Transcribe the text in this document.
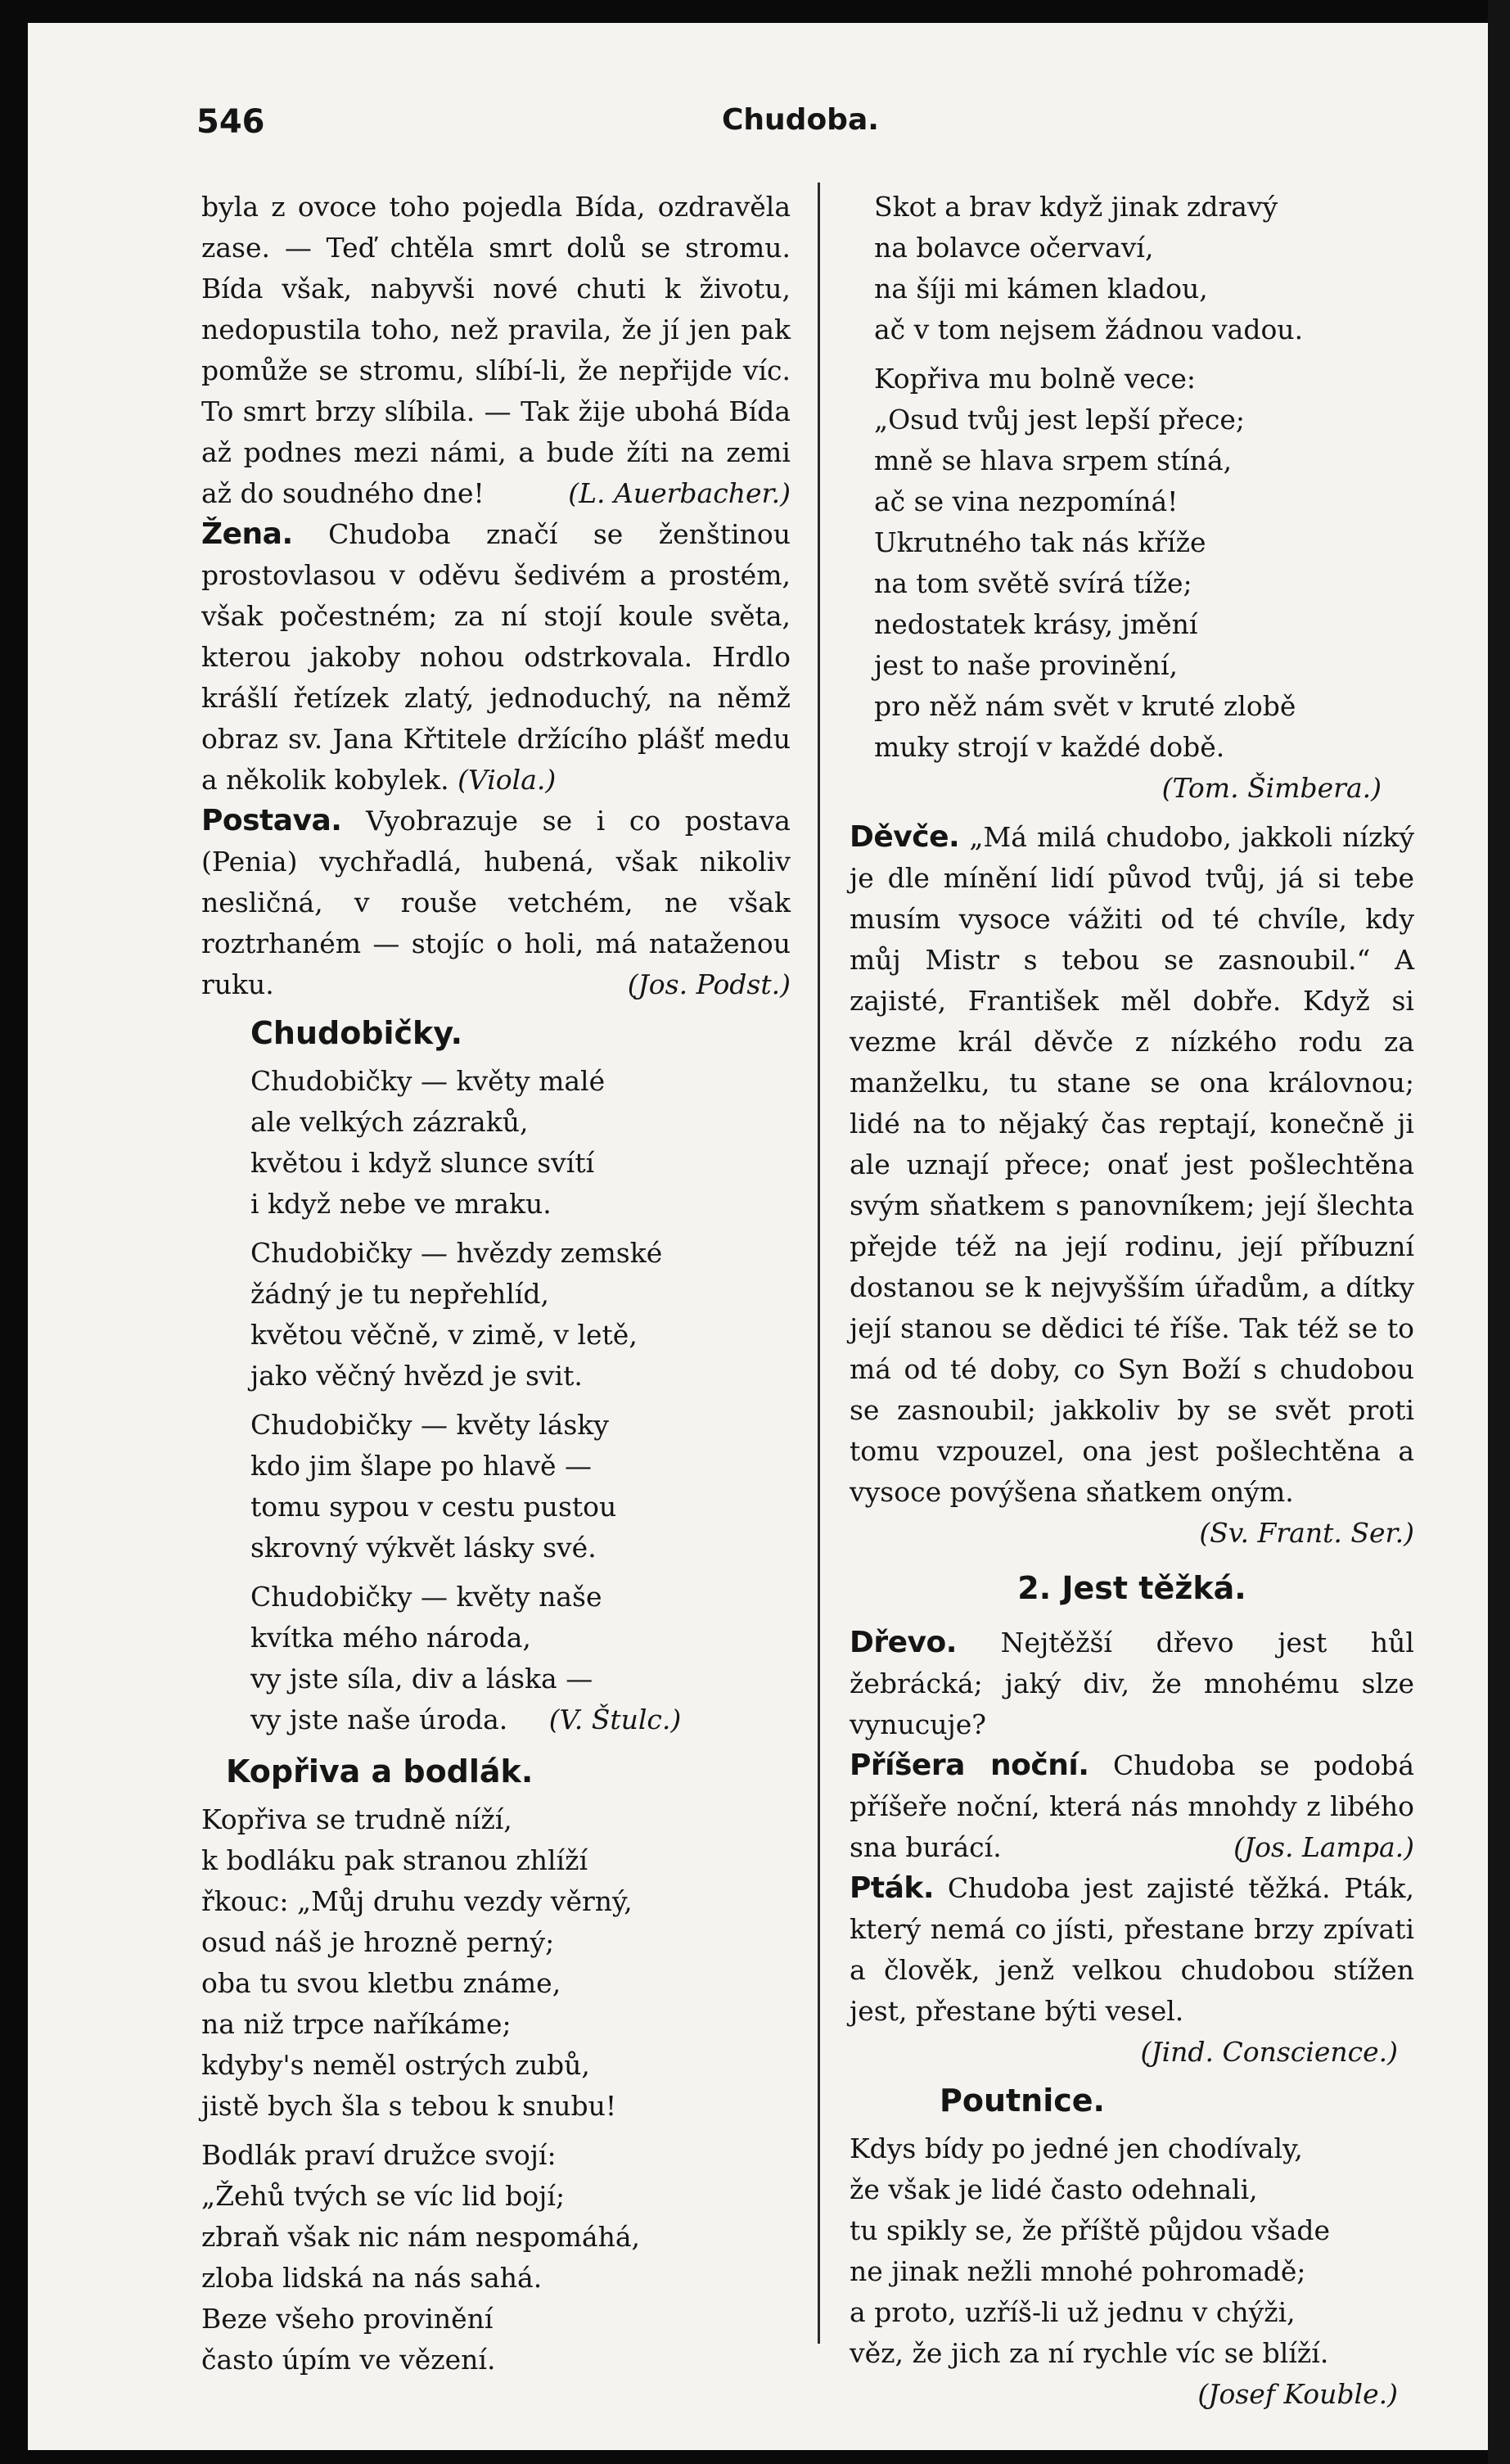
546	Chudoba.

byla z ovoce toho pojedla Bída, ozdravěla zase. — Teď chtěla smrt dolů se stromu. Bída však, nabyvši nové chuti k životu, nedopustila toho, než pravila, že jí jen pak pomůže se stromu, slíbí-li, že nepřijde víc. To smrt brzy slíbila. — Tak žije ubohá Bída až podnes mezi námi, a bude žíti na zemi až do soudného dne!	(L. Auerbacher.)

Žena. Chudoba značí se ženštinou prostovlasou v oděvu šedivém a prostém, však počestném; za ní stojí koule světa, kterou jakoby nohou odstrkovala. Hrdlo krášlí řetízek zlatý, jednoduchý, na němž obraz sv. Jana Křtitele držícího plášť medu a několik kobylek. (Viola.)

Postava. Vyobrazuje se i co postava (Penia) vychřadlá, hubená, však nikoliv nesličná, v rouše vetchém, ne však roztrhaném — stojíc o holi, má nataženou ruku.	(Jos. Podst.)

Chudobičky.
Chudobičky — květy malé
ale velkých zázraků,
květou i když slunce svítí
i když nebe ve mraku.
Chudobičky — hvězdy zemské
žádný je tu nepřehlíd,
květou věčně, v zimě, v letě,
jako věčný hvězd je svit.
Chudobičky — květy lásky
kdo jim šlape po hlavě —
tomu sypou v cestu pustou
skrovný výkvět lásky své.
Chudobičky — květy naše
kvítka mého národa,
vy jste síla, div a láska —
vy jste naše úroda. (V. Štulc.)
Kopřiva a bodlák.
Kopřiva se trudně níží,
k bodláku pak stranou zhlíží
řkouc: „Můj druhu vezdy věrný,
osud náš je hrozně perný;
oba tu svou kletbu známe,
na niž trpce naříkáme;
kdyby's neměl ostrých zubů,
jistě bych šla s tebou k snubu!
Bodlák praví družce svojí:
„Žehů tvých se víc lid bojí;
zbraň však nic nám nespomáhá,
zloba lidská na nás sahá.
Beze všeho provinění
často úpím ve vězení.
Skot a brav když jinak zdravý
na bolavce očervaví,
na šíji mi kámen kladou,
ač v tom nejsem žádnou vadou.
Kopřiva mu bolně vece:
„Osud tvůj jest lepší přece;
mně se hlava srpem stíná,
ač se vina nezpomíná!
Ukrutného tak nás kříže
na tom světě svírá tíže;
nedostatek krásy, jmění
jest to naše provinění,
pro něž nám svět v kruté zlobě
muky strojí v každé době.
(Tom. Šimbera.)

Děvče. „Má milá chudobo, jakkoli nízký je dle mínění lidí původ tvůj, já si tebe musím vysoce vážiti od té chvíle, kdy můj Mistr s tebou se zasnoubil.“ A zajisté, František měl dobře. Když si vezme král děvče z nízkého rodu za manželku, tu stane se ona královnou; lidé na to nějaký čas reptají, konečně ji ale uznají přece; onať jest pošlechtěna svým sňatkem s panovníkem; její šlechta přejde též na její rodinu, její příbuzní dostanou se k nejvyšším úřadům, a dítky její stanou se dědici té říše. Tak též se to má od té doby, co Syn Boží s chudobou se zasnoubil; jakkoliv by se svět proti tomu vzpouzel, ona jest pošlechtěna a vysoce povýšena sňatkem oným.
(Sv. Frant. Ser.)

2. Jest těžká.

Dřevo. Nejtěžší dřevo jest hůl žebrácká; jaký div, že mnohému slze vynucuje?

Příšera noční. Chudoba se podobá příšeře noční, která nás mnohdy z libého sna burácí.	(Jos. Lampa.)

Pták. Chudoba jest zajisté těžká. Pták, který nemá co jísti, přestane brzy zpívati a člověk, jenž velkou chudobou stížen jest, přestane býti vesel.

(Jind. Conscience.)
Poutnice.
Kdys bídy po jedné jen chodívaly,
že však je lidé často odehnali,
tu spikly se, že příště půjdou všade
ne jinak nežli mnohé pohromadě;
a proto, uzříš-li už jednu v chýži,
věz, že jich za ní rychle víc se blíží.
(Josef Kouble.)
